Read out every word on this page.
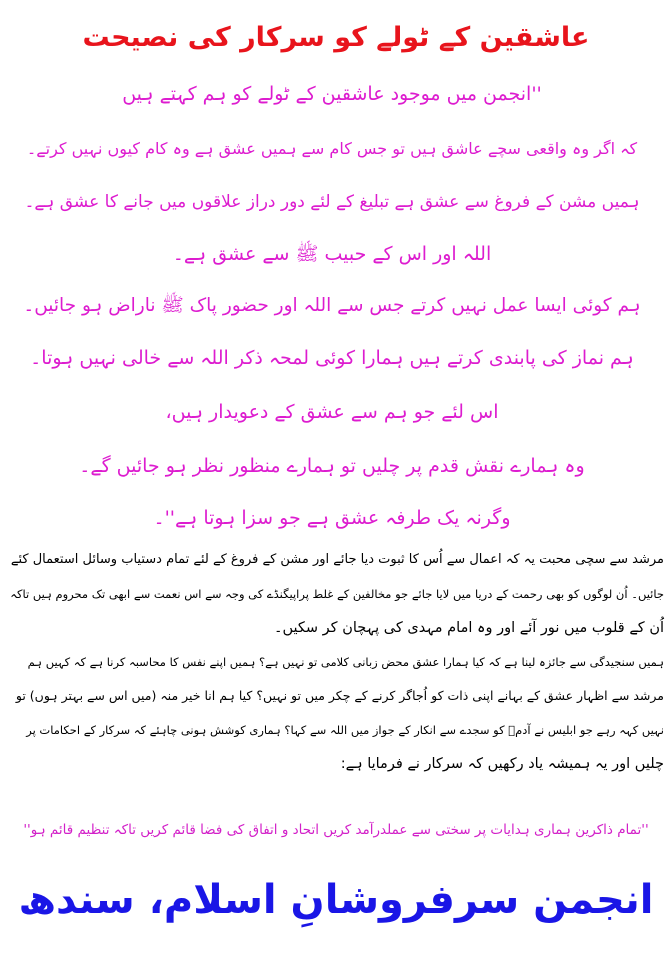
عاشقین کے ٹولے کو سرکار کی نصیحت
''انجمن میں موجود عاشقین کے ٹولے کو ہم کہتے ہیں
کہ اگر وہ واقعی سچے عاشق ہیں تو جس کام سے ہمیں عشق ہے وہ کام کیوں نہیں کرتے۔
ہمیں مشن کے فروغ سے عشق ہے تبلیغ کے لئے دور دراز علاقوں میں جانے کا عشق ہے۔
اللہ اور اس کے حبیب ﷺ سے عشق ہے۔
ہم کوئی ایسا عمل نہیں کرتے جس سے اللہ اور حضور پاک ﷺ ناراض ہو جائیں۔
ہم نماز کی پابندی کرتے ہیں ہمارا کوئی لمحہ ذکر اللہ سے خالی نہیں ہوتا۔
اس لئے جو ہم سے عشق کے دعویدار ہیں،
وہ ہمارے نقش قدم پر چلیں تو ہمارے منظور نظر ہو جائیں گے۔
وگرنہ یک طرفہ عشق ہے جو سزا ہوتا ہے''۔
مرشد سے سچی محبت یہ کہ اعمال سے اُس کا ثبوت دیا جائے اور مشن کے فروغ کے لئے تمام دستیاب وسائل استعمال کئے
جائیں۔ اُن لوگوں کو بھی رحمت کے دریا میں لایا جائے جو مخالفین کے غلط پراپیگنڈے کی وجہ سے اس نعمت سے ابھی تک محروم ہیں تاکہ
اُن کے قلوب میں نور آئے اور وہ امام مہدی کی پہچان کر سکیں۔
ہمیں سنجیدگی سے جائزہ لینا ہے کہ کیا ہمارا عشق محض زبانی کلامی تو نہیں ہے؟ ہمیں اپنے نفس کا محاسبہ کرنا ہے کہ کہیں ہم
مرشد سے اظہار عشق کے بہانے اپنی ذات کو اُجاگر کرنے کے چکر میں تو نہیں؟ کیا ہم انا خیر منہ (میں اس سے بہتر ہوں) تو
نہیں کہہ رہے جو ابلیس نے آدمؑ کو سجدے سے انکار کے جواز میں اللہ سے کہا؟ ہماری کوشش ہونی چاہئے کہ سرکار کے احکامات پر
چلیں اور یہ ہمیشہ یاد رکھیں کہ سرکار نے فرمایا ہے:
''تمام ذاکرین ہماری ہدایات پر سختی سے عملدرآمد کریں اتحاد و اتفاق کی فضا قائم کریں تاکہ تنظیم قائم ہو''
انجمن سرفروشانِ اسلام، سندھ
